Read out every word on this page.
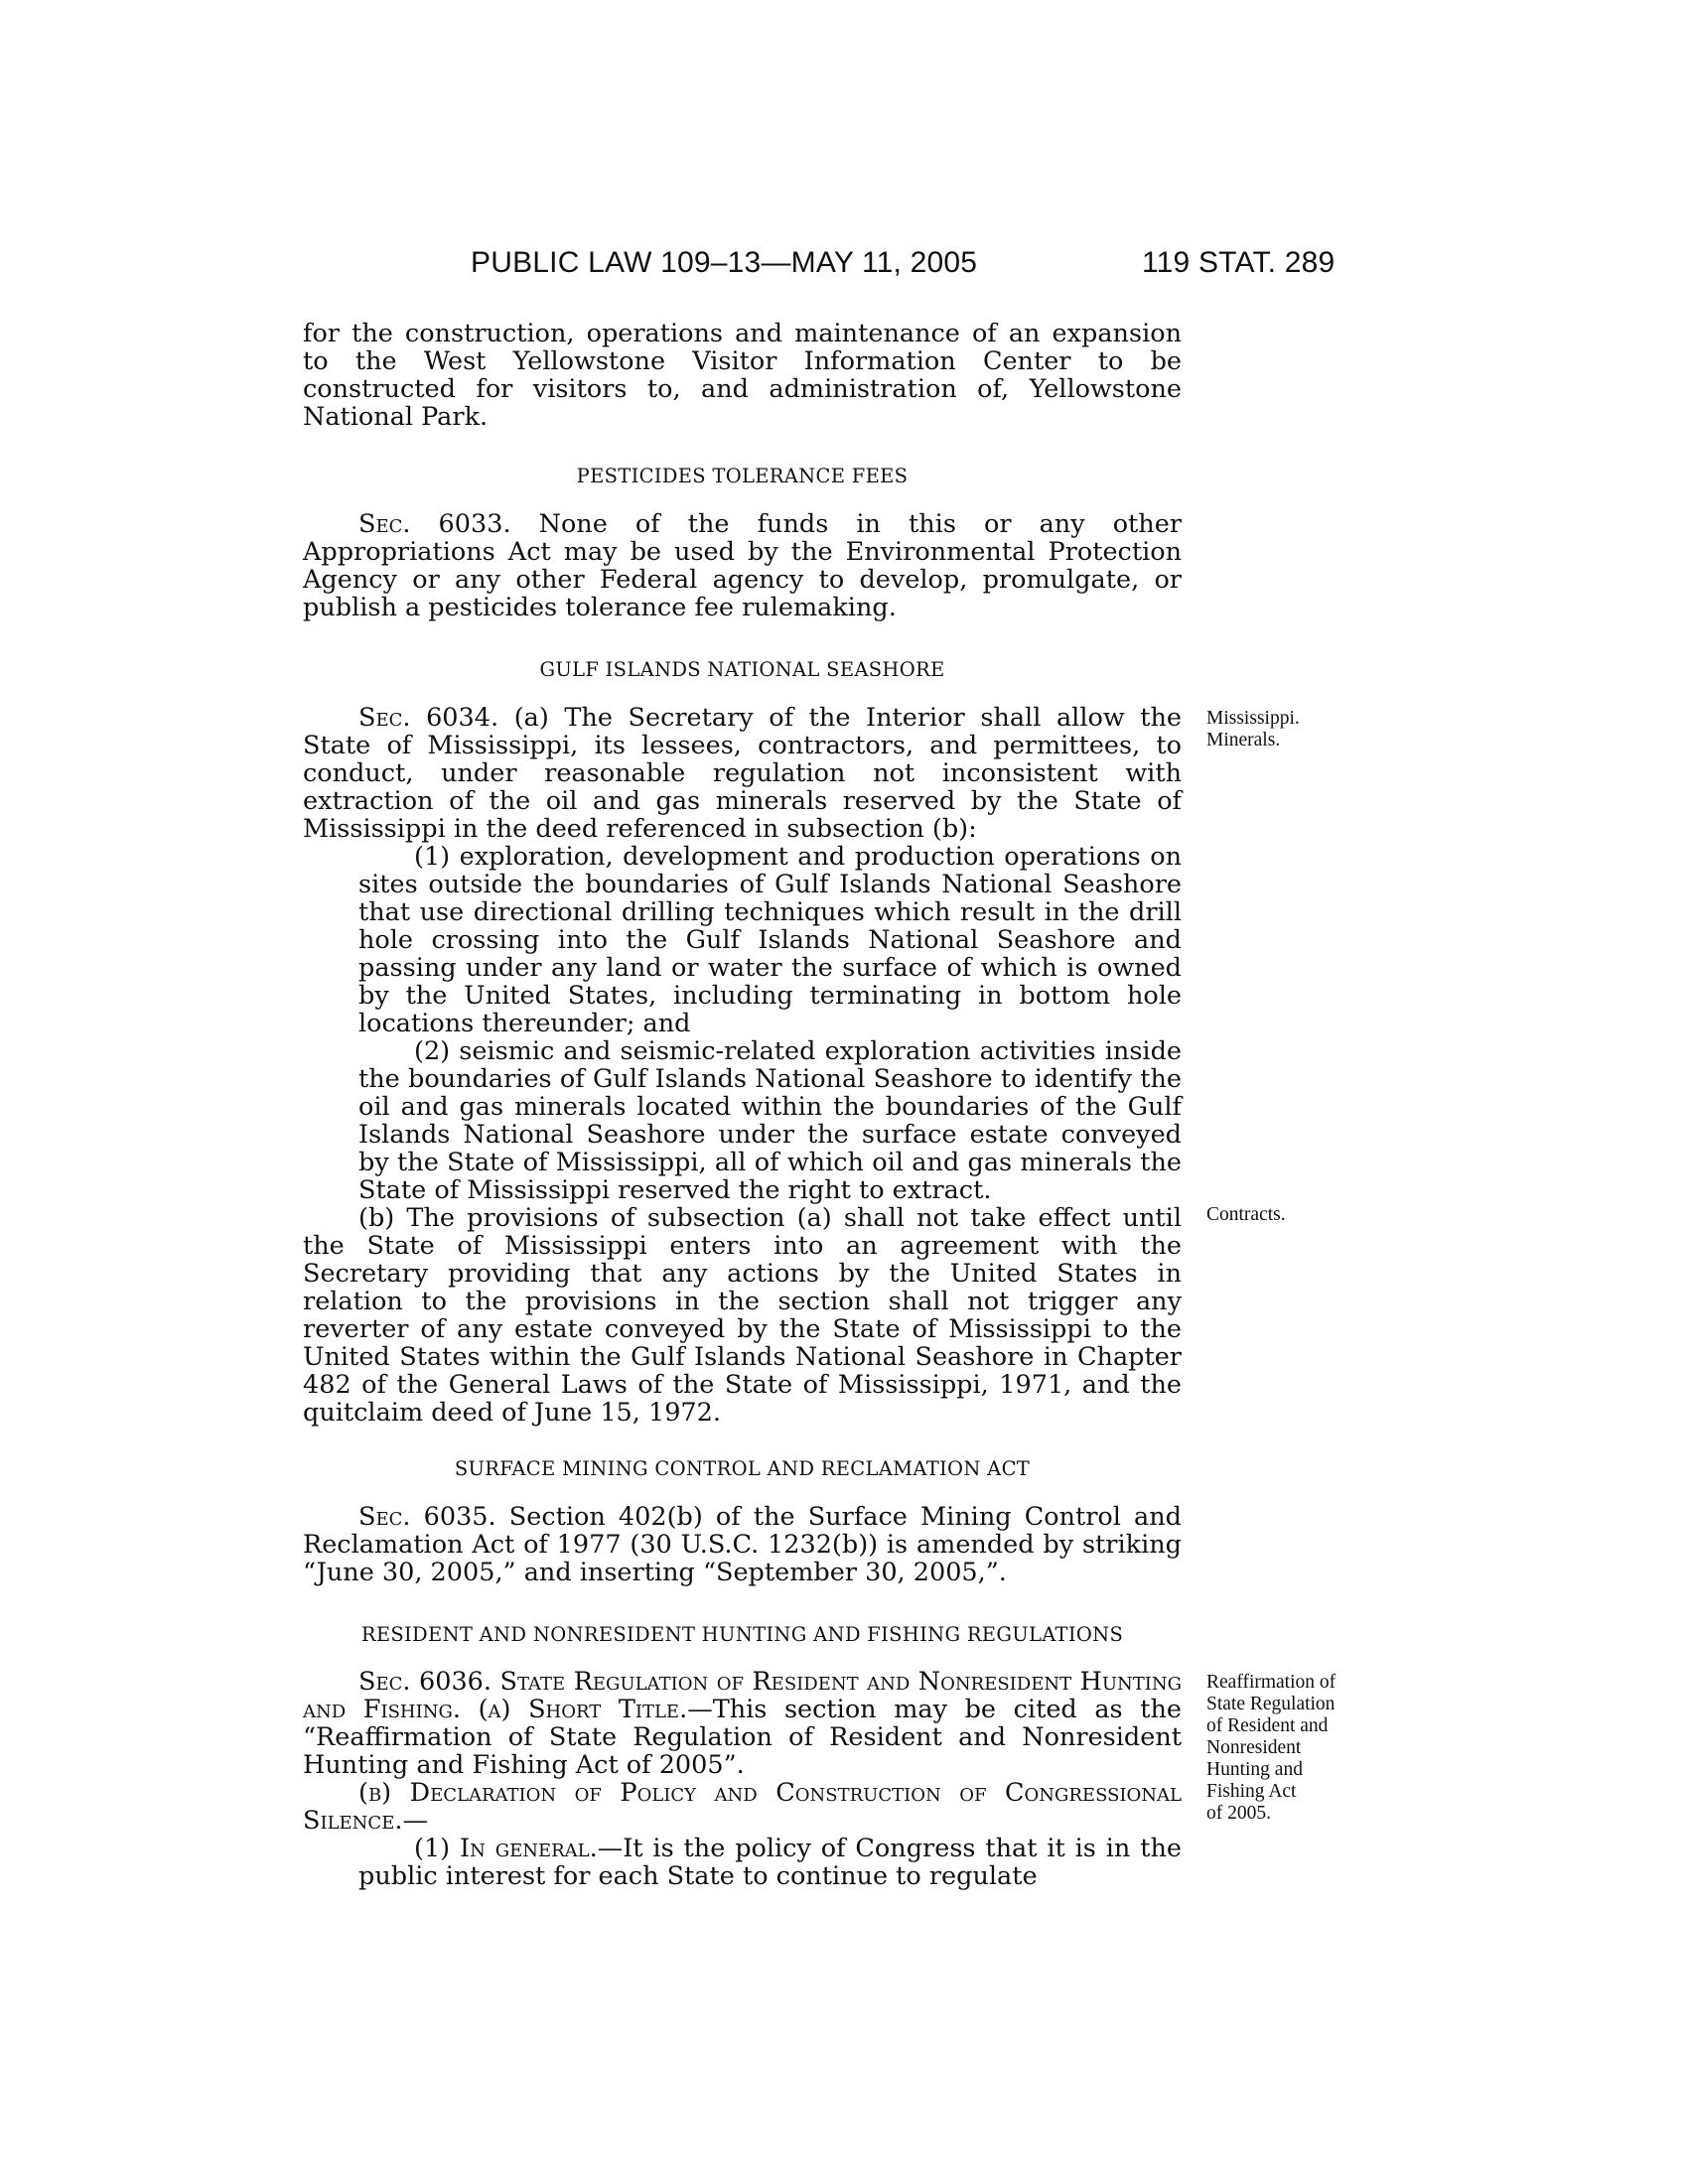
PUBLIC LAW 109–13—MAY 11, 2005	119 STAT. 289

for the construction, operations and maintenance of an expansion to the West Yellowstone Visitor Information Center to be constructed for visitors to, and administration of, Yellowstone National Park.

PESTICIDES TOLERANCE FEES

Sec. 6033. None of the funds in this or any other Appropriations Act may be used by the Environmental Protection Agency or any other Federal agency to develop, promulgate, or publish a pesticides tolerance fee rulemaking.

GULF ISLANDS NATIONAL SEASHORE

Sec. 6034. (a) The Secretary of the Interior shall allow the State of Mississippi, its lessees, contractors, and permittees, to conduct, under reasonable regulation not inconsistent with extraction of the oil and gas minerals reserved by the State of Mississippi in the deed referenced in subsection (b):

(1) exploration, development and production operations on sites outside the boundaries of Gulf Islands National Seashore that use directional drilling techniques which result in the drill hole crossing into the Gulf Islands National Seashore and passing under any land or water the surface of which is owned by the United States, including terminating in bottom hole locations thereunder; and

(2) seismic and seismic-related exploration activities inside the boundaries of Gulf Islands National Seashore to identify the oil and gas minerals located within the boundaries of the Gulf Islands National Seashore under the surface estate conveyed by the State of Mississippi, all of which oil and gas minerals the State of Mississippi reserved the right to extract.

(b) The provisions of subsection (a) shall not take effect until the State of Mississippi enters into an agreement with the Secretary providing that any actions by the United States in relation to the provisions in the section shall not trigger any reverter of any estate conveyed by the State of Mississippi to the United States within the Gulf Islands National Seashore in Chapter 482 of the General Laws of the State of Mississippi, 1971, and the quitclaim deed of June 15, 1972.

Mississippi.
Minerals.
Contracts.
SURFACE MINING CONTROL AND RECLAMATION ACT

Sec. 6035. Section 402(b) of the Surface Mining Control and Reclamation Act of 1977 (30 U.S.C. 1232(b)) is amended by striking “June 30, 2005,” and inserting “September 30, 2005,”.

RESIDENT AND NONRESIDENT HUNTING AND FISHING REGULATIONS

Sec. 6036. State Regulation of Resident and Nonresident Hunting and Fishing. (a) Short Title.—This section may be cited as the “Reaffirmation of State Regulation of Resident and Nonresident Hunting and Fishing Act of 2005”.

(b) Declaration of Policy and Construction of Congressional Silence.—

(1) In general.—It is the policy of Congress that it is in the public interest for each State to continue to regulate

Reaffirmation of
State Regulation
of Resident and
Nonresident
Hunting and
Fishing Act
of 2005.
